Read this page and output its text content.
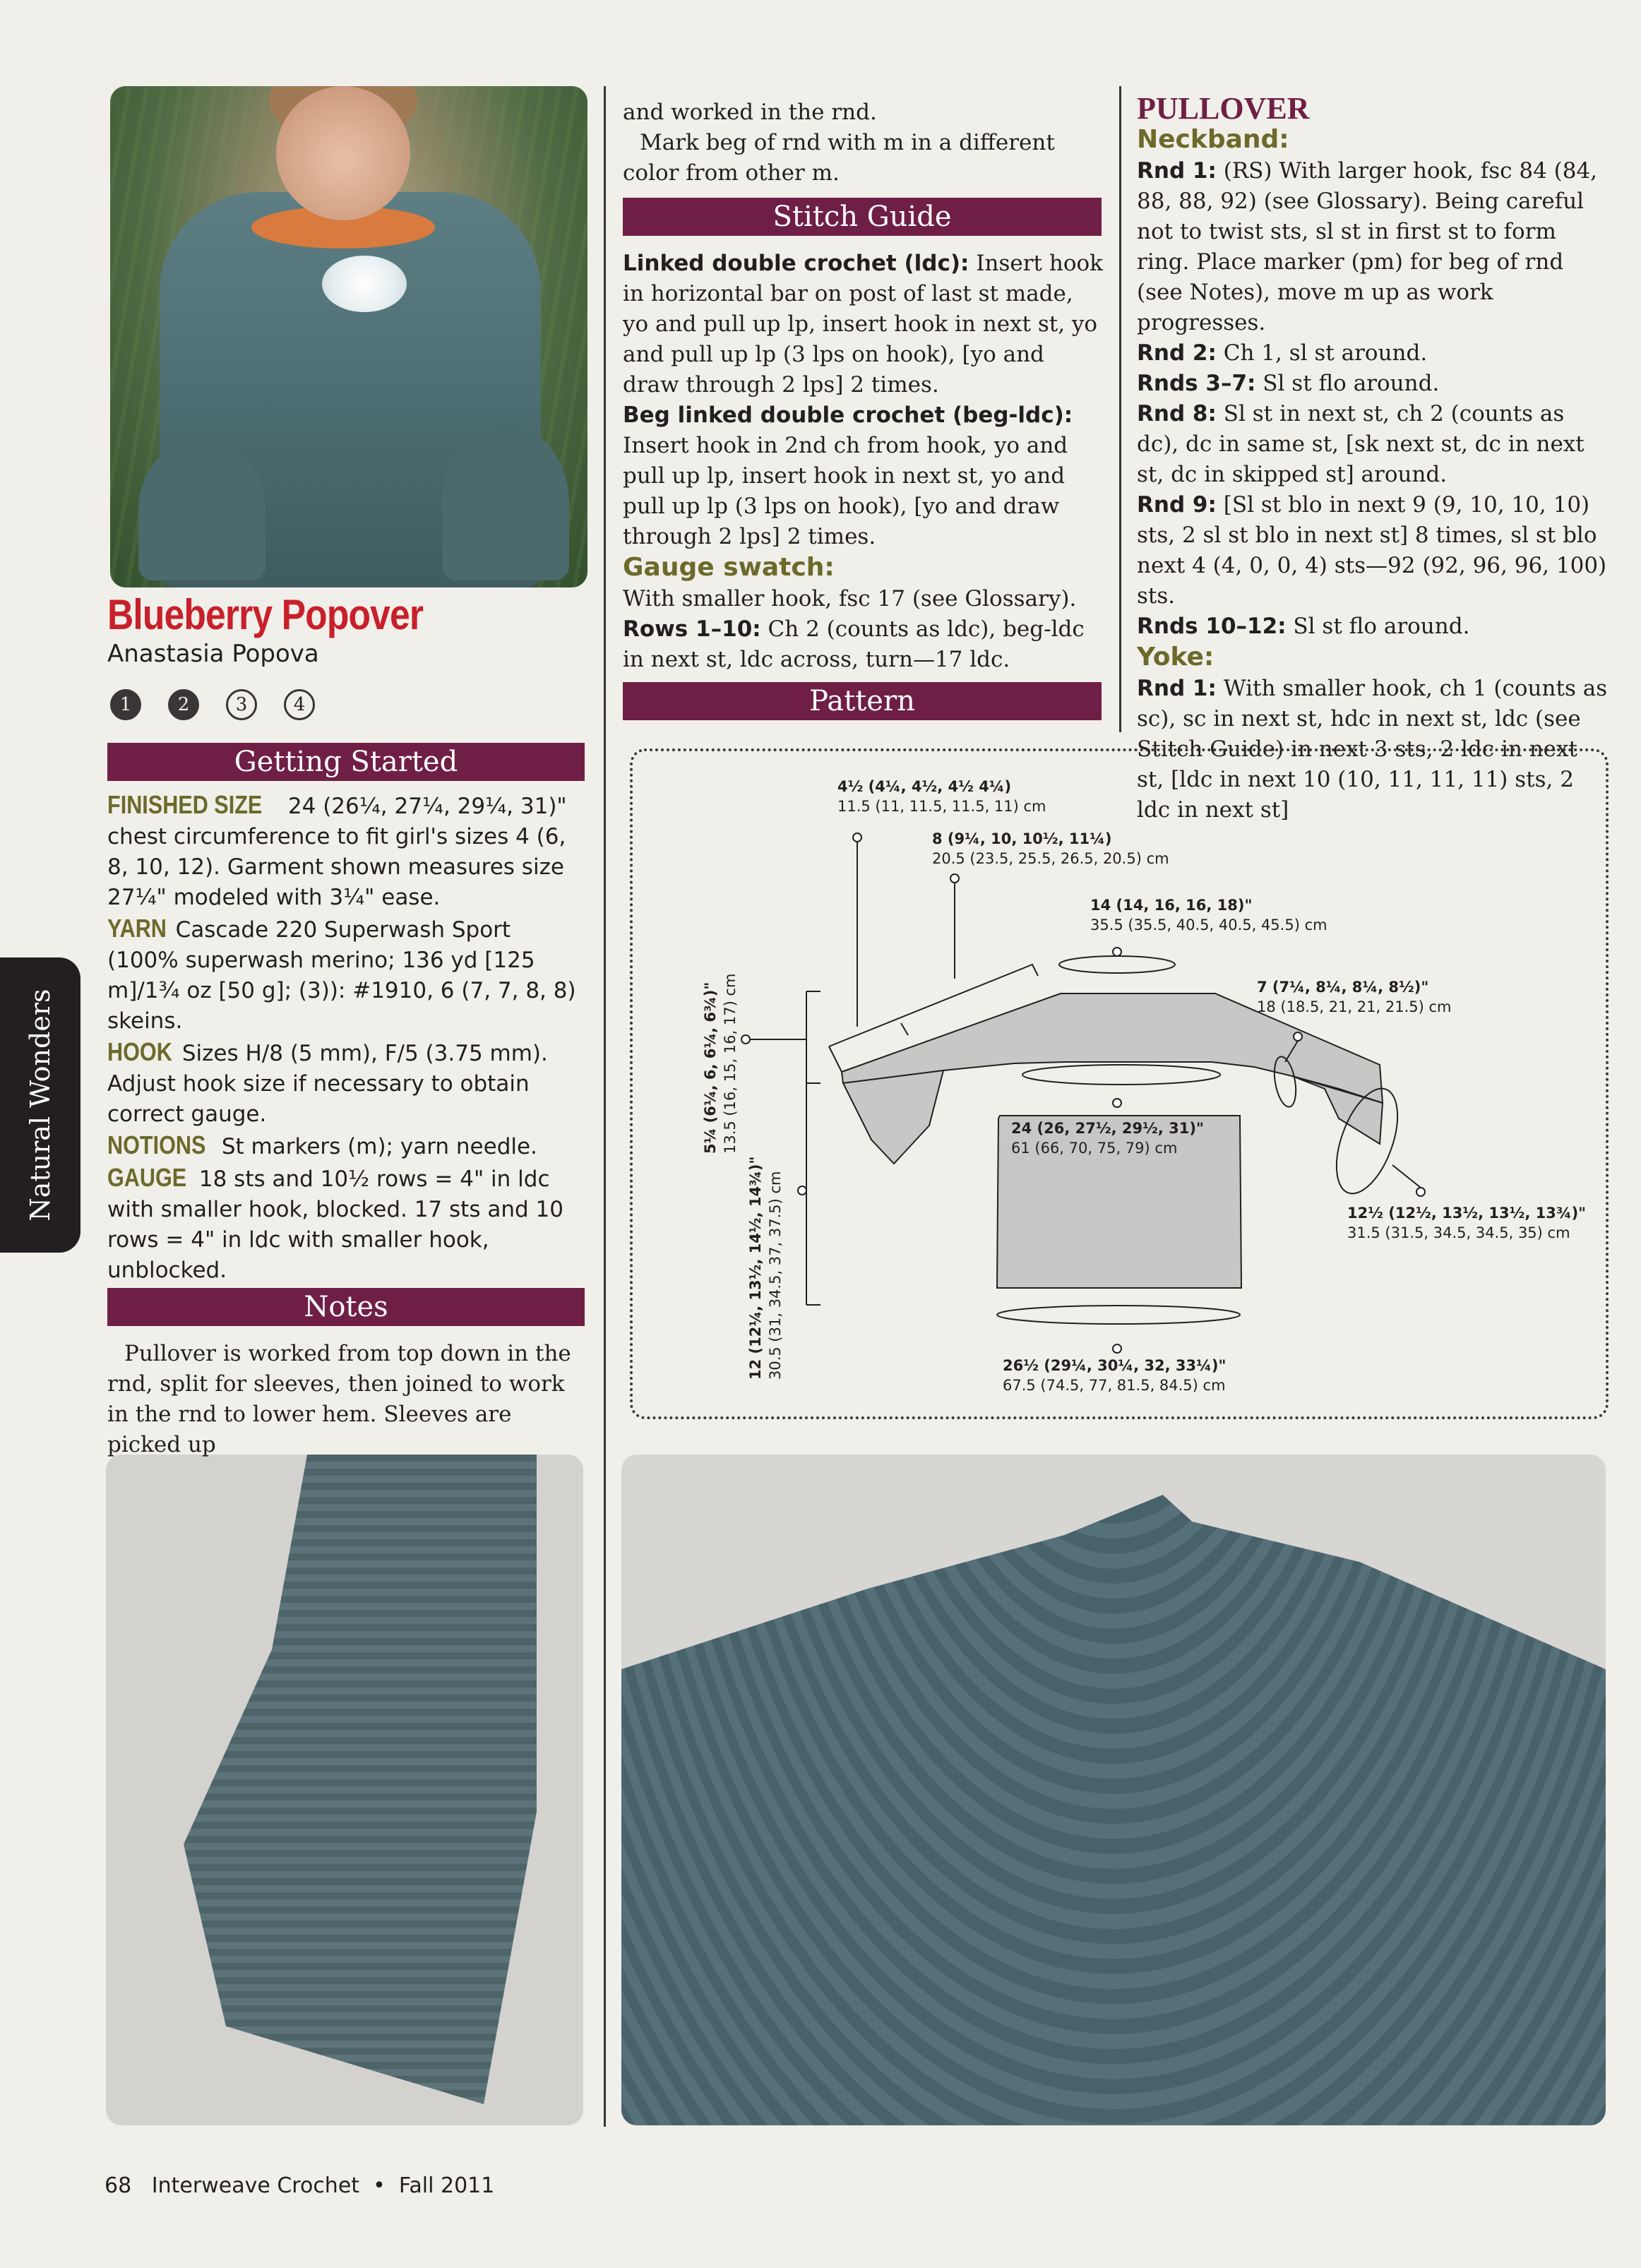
Natural Wonders
Blueberry Popover
Anastasia Popova
1	2	3	4
Getting Started
FINISHED SIZE 24 (26¼, 27¼, 29¼, 31)" chest circumference to fit girl's sizes 4 (6, 8, 10, 12). Garment shown measures size 27¼" modeled with 3¼" ease.
YARN Cascade 220 Superwash Sport (100% superwash merino; 136 yd [125 m]/1¾ oz [50 g]; (3)): #1910, 6 (7, 7, 8, 8) skeins.
HOOK Sizes H/8 (5 mm), F/5 (3.75 mm). Adjust hook size if necessary to obtain correct gauge.
NOTIONS St markers (m); yarn needle.
GAUGE 18 sts and 10½ rows = 4" in ldc with smaller hook, blocked. 17 sts and 10 rows = 4" in ldc with smaller hook, unblocked.
Notes
Pullover is worked from top down in the rnd, split for sleeves, then joined to work in the rnd to lower hem. Sleeves are picked up
and worked in the rnd.
Mark beg of rnd with m in a different color from other m.
Stitch Guide
Linked double crochet (ldc): Insert hook in horizontal bar on post of last st made, yo and pull up lp, insert hook in next st, yo and pull up lp (3 lps on hook), [yo and draw through 2 lps] 2 times.
Beg linked double crochet (beg-ldc): Insert hook in 2nd ch from hook, yo and pull up lp, insert hook in next st, yo and pull up lp (3 lps on hook), [yo and draw through 2 lps] 2 times.
Gauge swatch:
With smaller hook, fsc 17 (see Glossary).
Rows 1–10: Ch 2 (counts as ldc), beg-ldc in next st, ldc across, turn—17 ldc.
Pattern
PULLOVER
Neckband:
Rnd 1: (RS) With larger hook, fsc 84 (84, 88, 88, 92) (see Glossary). Being careful not to twist sts, sl st in first st to form ring. Place marker (pm) for beg of rnd (see Notes), move m up as work progresses.
Rnd 2: Ch 1, sl st around.
Rnds 3–7: Sl st flo around.
Rnd 8: Sl st in next st, ch 2 (counts as dc), dc in same st, [sk next st, dc in next st, dc in skipped st] around.
Rnd 9: [Sl st blo in next 9 (9, 10, 10, 10) sts, 2 sl st blo in next st] 8 times, sl st blo next 4 (4, 0, 0, 4) sts—92 (92, 96, 96, 100) sts.
Rnds 10–12: Sl st flo around.
Yoke:
Rnd 1: With smaller hook, ch 1 (counts as sc), sc in next st, hdc in next st, ldc (see Stitch Guide) in next 3 sts, 2 ldc in next st, [ldc in next 10 (10, 11, 11, 11) sts, 2 ldc in next st]
4½ (4¼, 4½, 4½ 4¼)
11.5 (11, 11.5, 11.5, 11) cm
8 (9¼, 10, 10½, 11¼)
20.5 (23.5, 25.5, 26.5, 20.5) cm
14 (14, 16, 16, 18)"
35.5 (35.5, 40.5, 40.5, 45.5) cm
7 (7¼, 8¼, 8¼, 8½)"
18 (18.5, 21, 21, 21.5) cm
24 (26, 27½, 29½, 31)"
61 (66, 70, 75, 79) cm
12½ (12½, 13½, 13½, 13¾)"
31.5 (31.5, 34.5, 34.5, 35) cm
26½ (29¼, 30¼, 32, 33¼)"
67.5 (74.5, 77, 81.5, 84.5) cm
5¼ (6¼, 6, 6¼, 6¾)" 13.5 (16, 15, 16, 17) cm
12 (12¼, 13½, 14½, 14¾)" 30.5 (31, 34.5, 37, 37.5) cm
68 Interweave Crochet • Fall 2011
